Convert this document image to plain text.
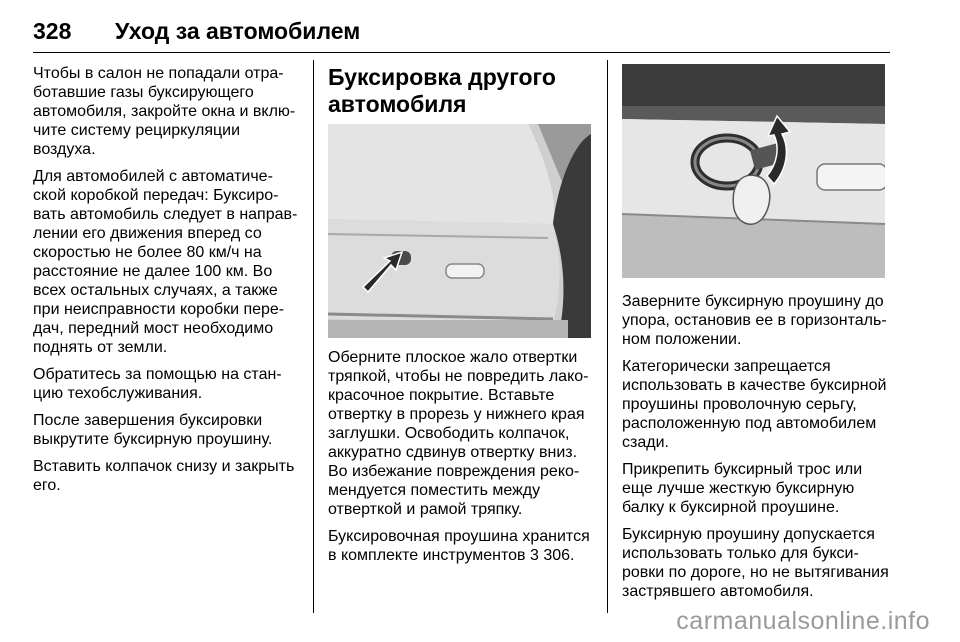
328 Уход за автомобилем

Чтобы в салон не попадали отра-ботавшие газы буксирующего автомобиля, закройте окна и вклю-чите систему рециркуляции воздуха.

Для автомобилей с автоматиче-ской коробкой передач: Буксиро-вать автомобиль следует в направ-лении его движения вперед со скоростью не более 80 км/ч на расстояние не далее 100 км. Во всех остальных случаях, а также при неисправности коробки пере-дач, передний мост необходимо поднять от земли.

Обратитесь за помощью на стан-цию техобслуживания.

После завершения буксировки выкрутите буксирную проушину.

Вставить колпачок снизу и закрыть его.

Буксировка другого автомобиля

Оберните плоское жало отвертки тряпкой, чтобы не повредить лако-красочное покрытие. Вставьте отвертку в прорезь у нижнего края заглушки. Освободить колпачок, аккуратно сдвинув отвертку вниз. Во избежание повреждения реко-мендуется поместить между отверткой и рамой тряпку.

Буксировочная проушина хранится в комплекте инструментов 3 306.

Заверните буксирную проушину до упора, остановив ее в горизонталь-ном положении.

Категорически запрещается использовать в качестве буксирной проушины проволочную серьгу, расположенную под автомобилем сзади.

Прикрепить буксирный трос или еще лучше жесткую буксирную балку к буксирной проушине.

Буксирную проушину допускается использовать только для букси-ровки по дороге, но не вытягивания застрявшего автомобиля.

carmanualsonline.info
